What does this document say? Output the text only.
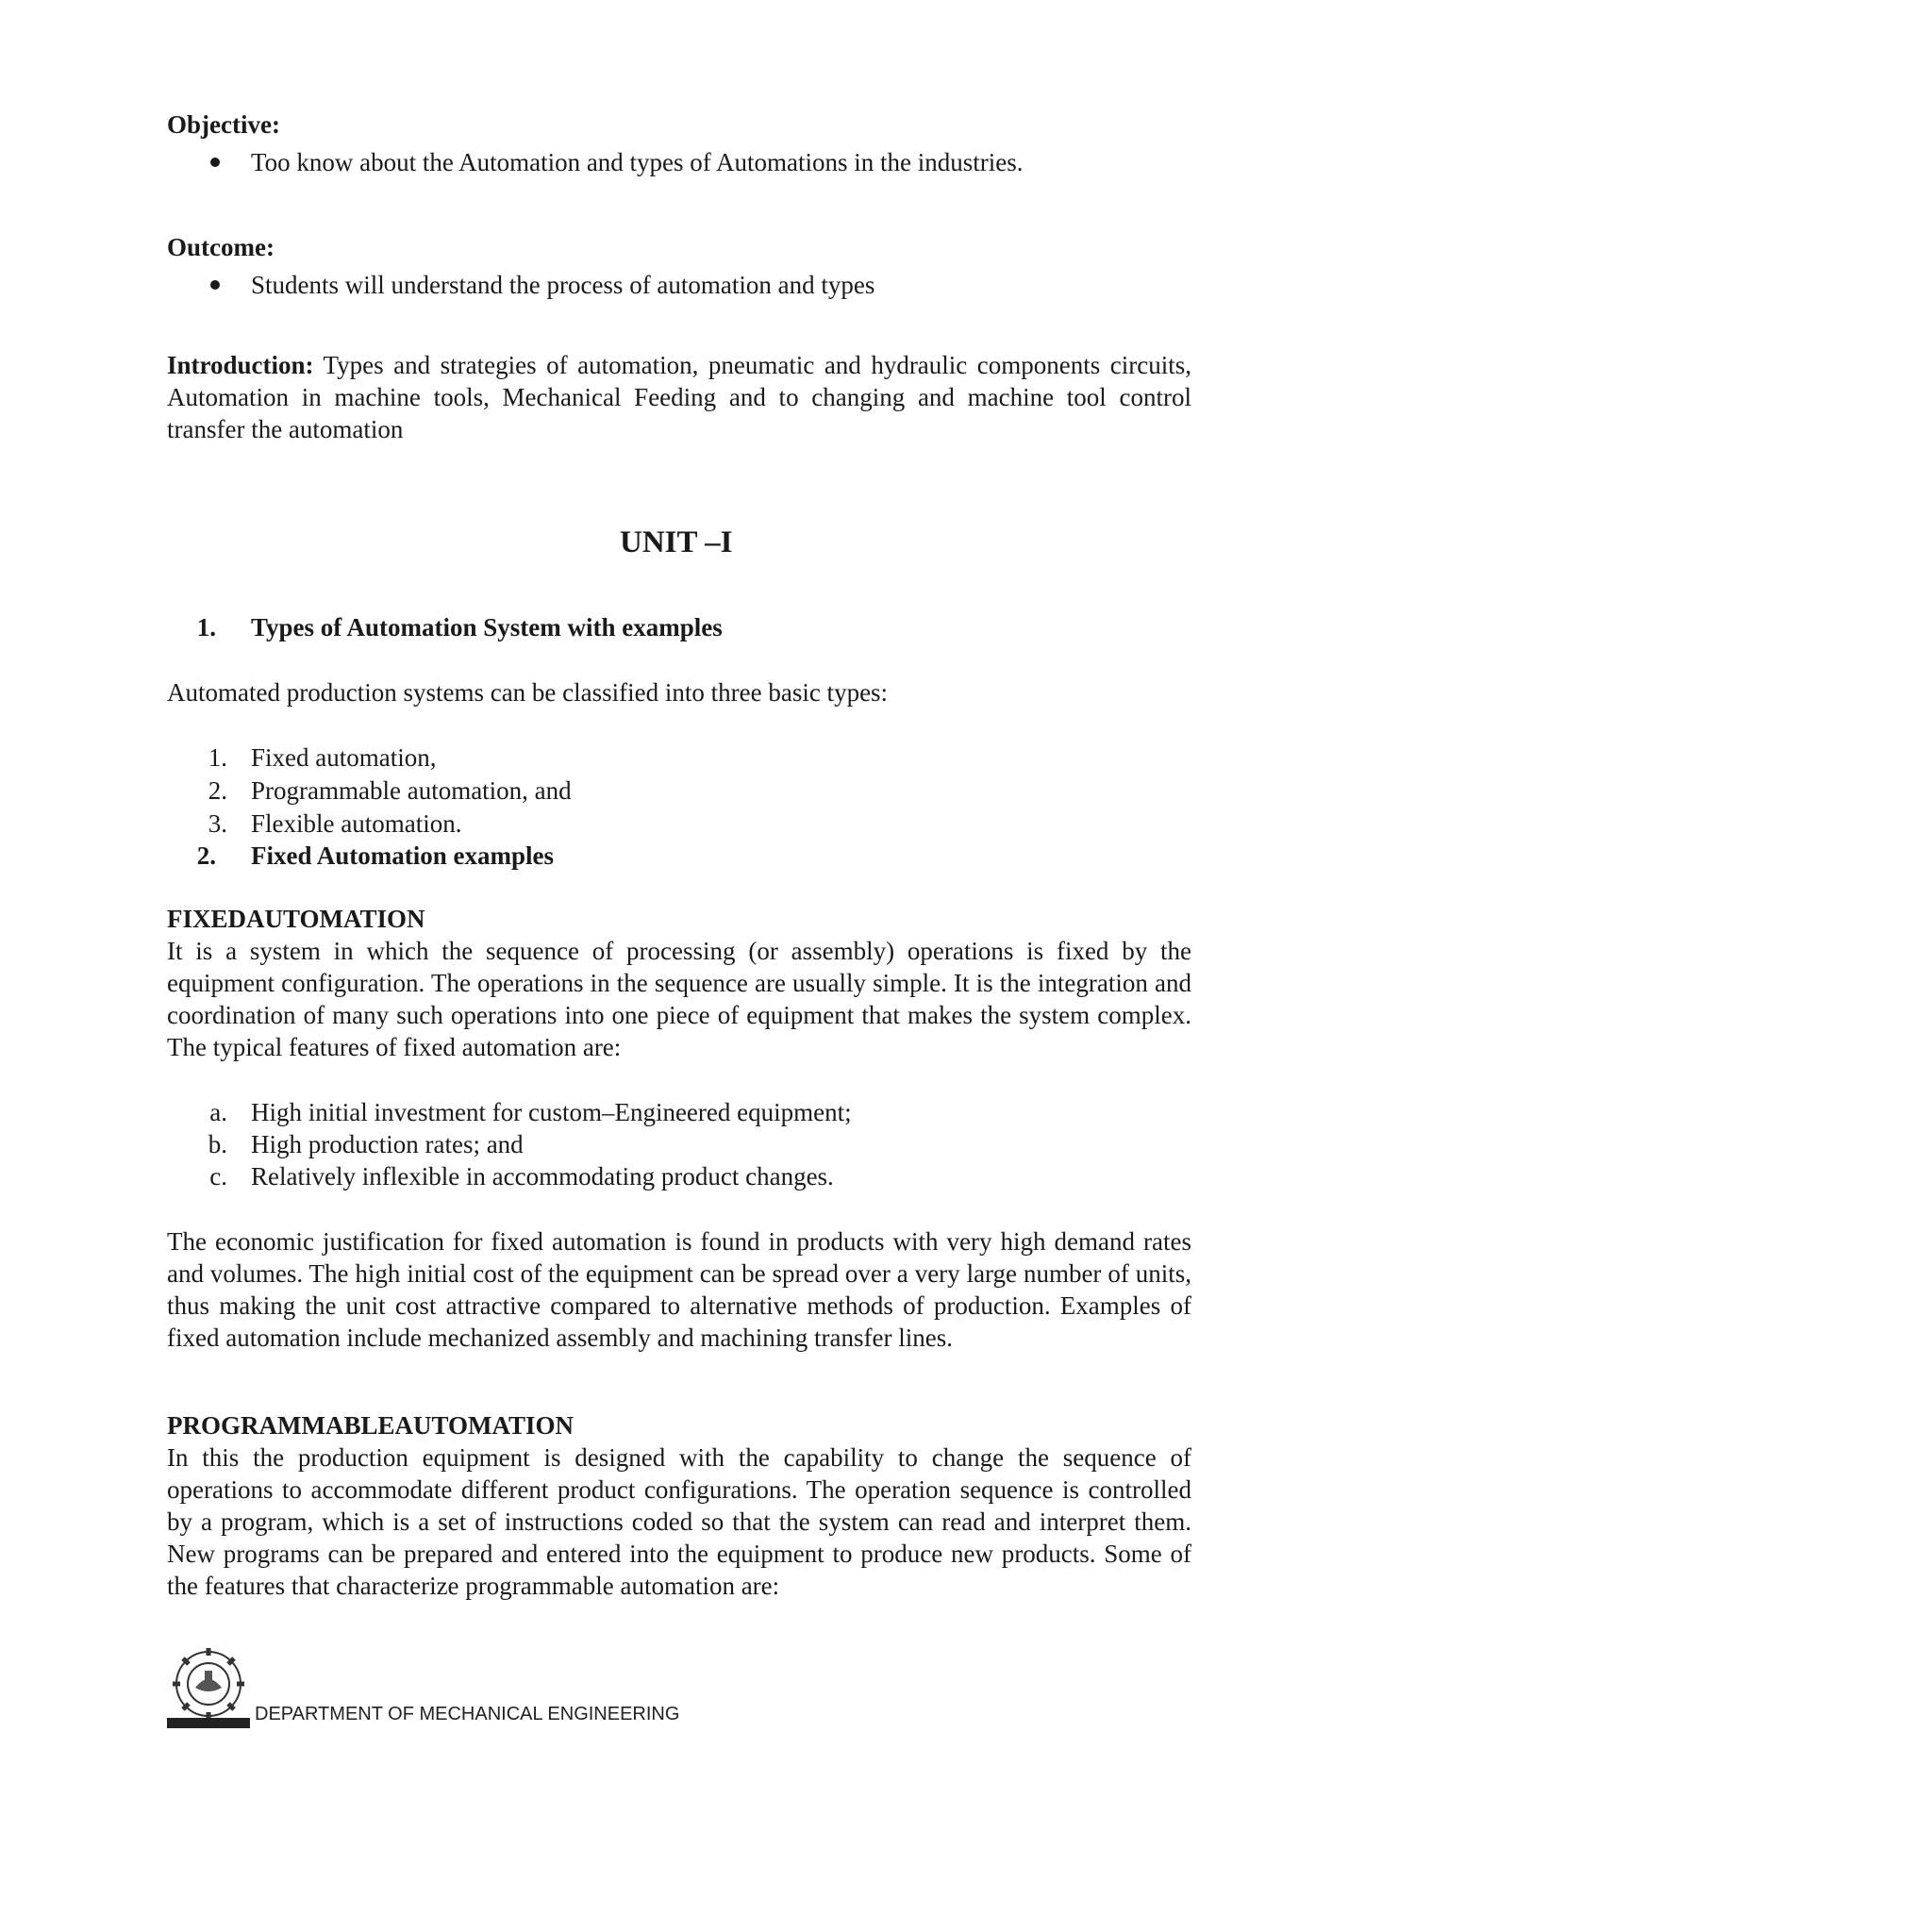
Objective:
Too know about the Automation and types of Automations in the industries.
Outcome:
Students will understand the process of automation and types
Introduction: Types and strategies of automation, pneumatic and hydraulic components circuits, Automation in machine tools, Mechanical Feeding and to changing and machine tool control transfer the automation
UNIT –I
1. Types of Automation System with examples
Automated production systems can be classified into three basic types:
1. Fixed automation,
2. Programmable automation, and
3. Flexible automation.
2. Fixed Automation examples
FIXEDAUTOMATION
It is a system in which the sequence of processing (or assembly) operations is fixed by the equipment configuration. The operations in the sequence are usually simple. It is the integration and coordination of many such operations into one piece of equipment that makes the system complex. The typical features of fixed automation are:
a. High initial investment for custom–Engineered equipment;
b. High production rates; and
c. Relatively inflexible in accommodating product changes.
The economic justification for fixed automation is found in products with very high demand rates and volumes. The high initial cost of the equipment can be spread over a very large number of units, thus making the unit cost attractive compared to alternative methods of production. Examples of fixed automation include mechanized assembly and machining transfer lines.
PROGRAMMABLEAUTOMATION
In this the production equipment is designed with the capability to change the sequence of operations to accommodate different product configurations. The operation sequence is controlled by a program, which is a set of instructions coded so that the system can read and interpret them. New programs can be prepared and entered into the equipment to produce new products. Some of the features that characterize programmable automation are:
DEPARTMENT OF MECHANICAL ENGINEERING
